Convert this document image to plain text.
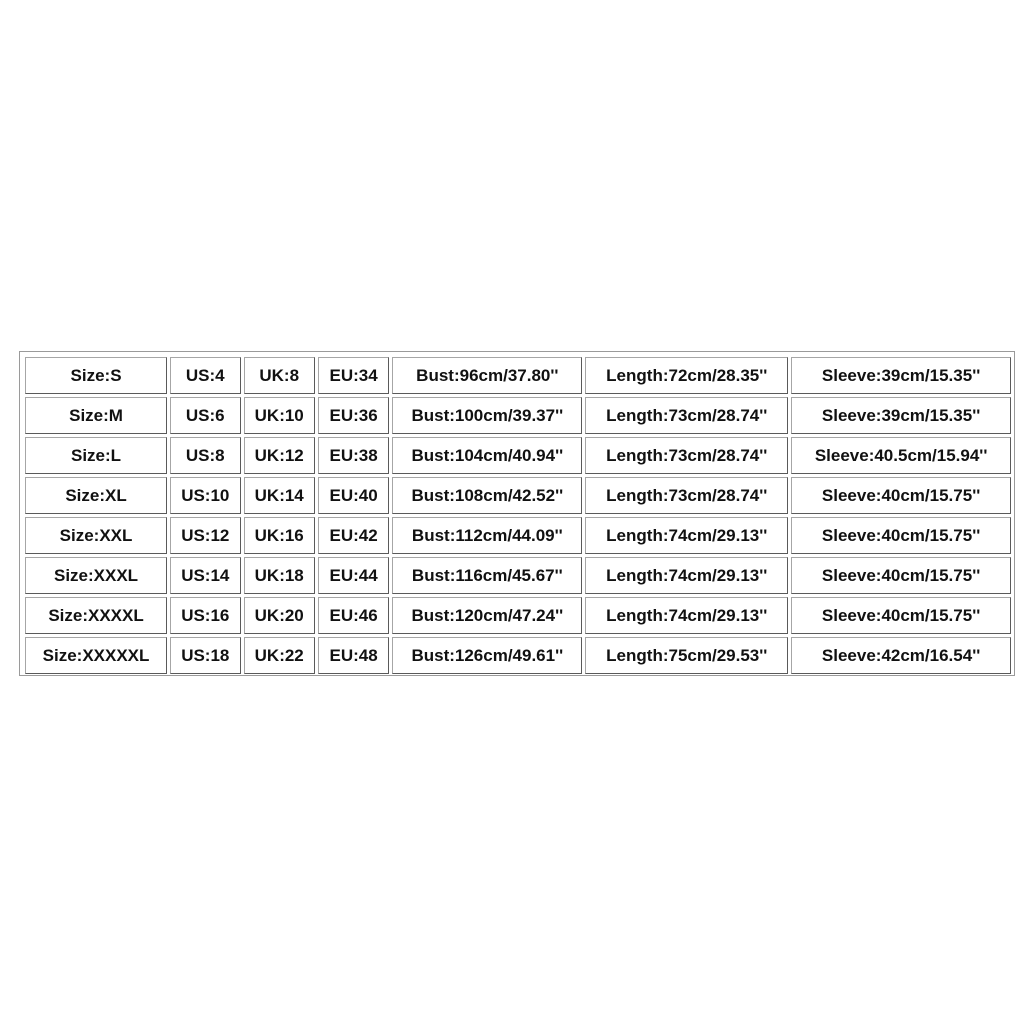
Size:S	US:4	UK:8	EU:34	Bust:96cm/37.80''	Length:72cm/28.35''	Sleeve:39cm/15.35''
Size:M	US:6	UK:10	EU:36	Bust:100cm/39.37''	Length:73cm/28.74''	Sleeve:39cm/15.35''
Size:L	US:8	UK:12	EU:38	Bust:104cm/40.94''	Length:73cm/28.74''	Sleeve:40.5cm/15.94''
Size:XL	US:10	UK:14	EU:40	Bust:108cm/42.52''	Length:73cm/28.74''	Sleeve:40cm/15.75''
Size:XXL	US:12	UK:16	EU:42	Bust:112cm/44.09''	Length:74cm/29.13''	Sleeve:40cm/15.75''
Size:XXXL	US:14	UK:18	EU:44	Bust:116cm/45.67''	Length:74cm/29.13''	Sleeve:40cm/15.75''
Size:XXXXL	US:16	UK:20	EU:46	Bust:120cm/47.24''	Length:74cm/29.13''	Sleeve:40cm/15.75''
Size:XXXXXL	US:18	UK:22	EU:48	Bust:126cm/49.61''	Length:75cm/29.53''	Sleeve:42cm/16.54''
